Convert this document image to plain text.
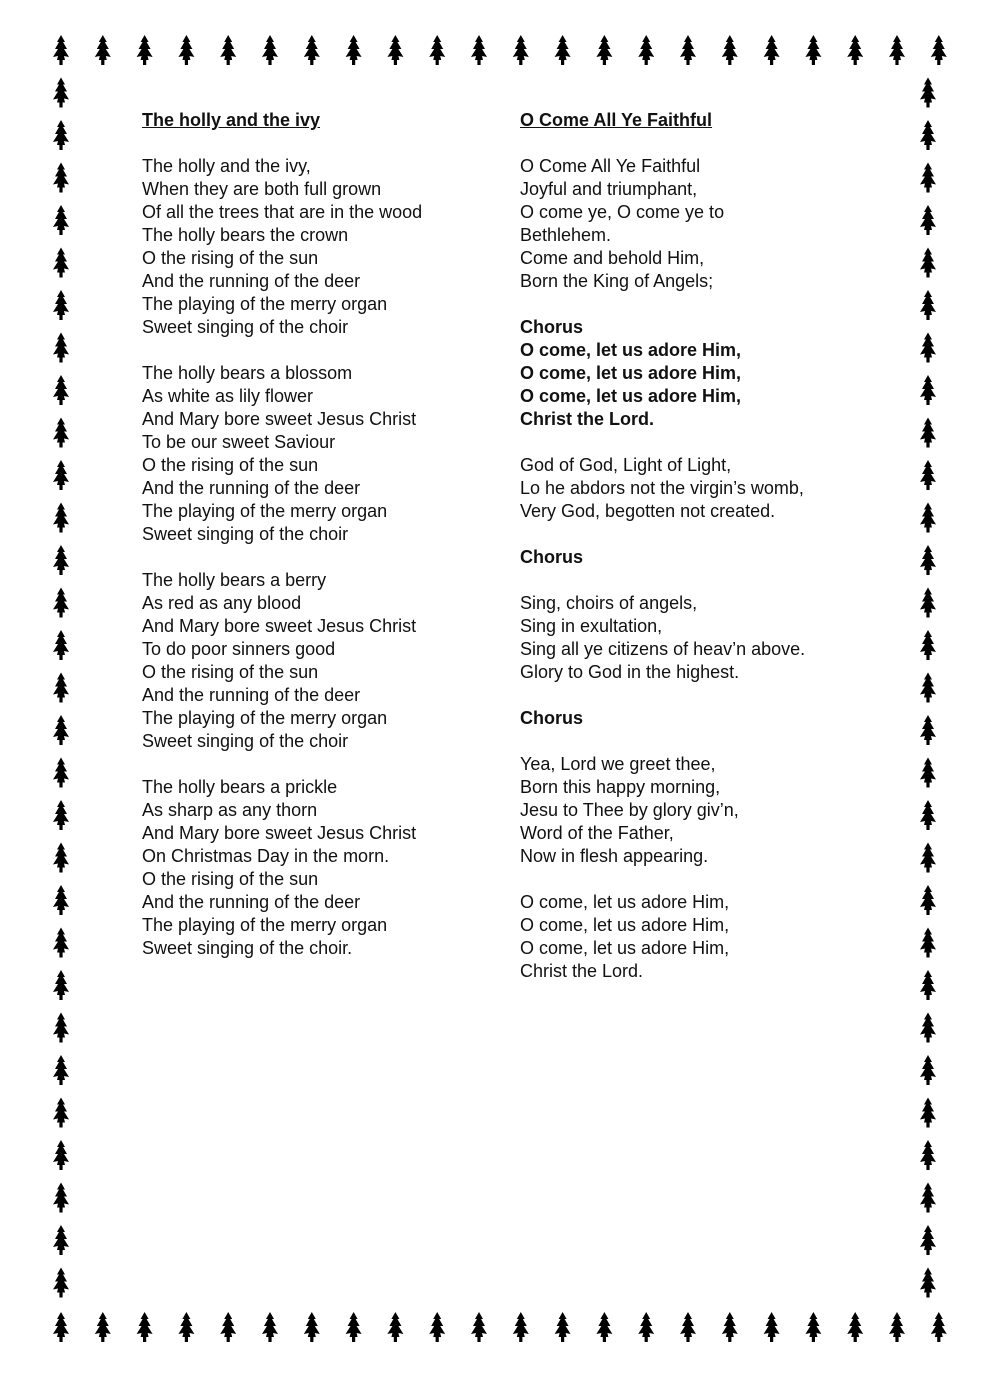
The holly and the ivy
The holly and the ivy,
When they are both full grown
Of all the trees that are in the wood
The holly bears the crown
O the rising of the sun
And the running of the deer
The playing of the merry organ
Sweet singing of the choir
The holly bears a blossom
As white as lily flower
And Mary bore sweet Jesus Christ
To be our sweet Saviour
O the rising of the sun
And the running of the deer
The playing of the merry organ
Sweet singing of the choir
The holly bears a berry
As red as any blood
And Mary bore sweet Jesus Christ
To do poor sinners good
O the rising of the sun
And the running of the deer
The playing of the merry organ
Sweet singing of the choir
The holly bears a prickle
As sharp as any thorn
And Mary bore sweet Jesus Christ
On Christmas Day in the morn.
O the rising of the sun
And the running of the deer
The playing of the merry organ
Sweet singing of the choir.
O Come All Ye Faithful
O Come All Ye Faithful
Joyful and triumphant,
O come ye, O come ye to
Bethlehem.
Come and behold Him,
Born the King of Angels;
Chorus
O come, let us adore Him,
O come, let us adore Him,
O come, let us adore Him,
Christ the Lord.
God of God, Light of Light,
Lo he abdors not the virgin’s womb,
Very God, begotten not created.
Chorus
Sing, choirs of angels,
Sing in exultation,
Sing all ye citizens of heav’n above.
Glory to God in the highest.
Chorus
Yea, Lord we greet thee,
Born this happy morning,
Jesu to Thee by glory giv’n,
Word of the Father,
Now in flesh appearing.
O come, let us adore Him,
O come, let us adore Him,
O come, let us adore Him,
Christ the Lord.
